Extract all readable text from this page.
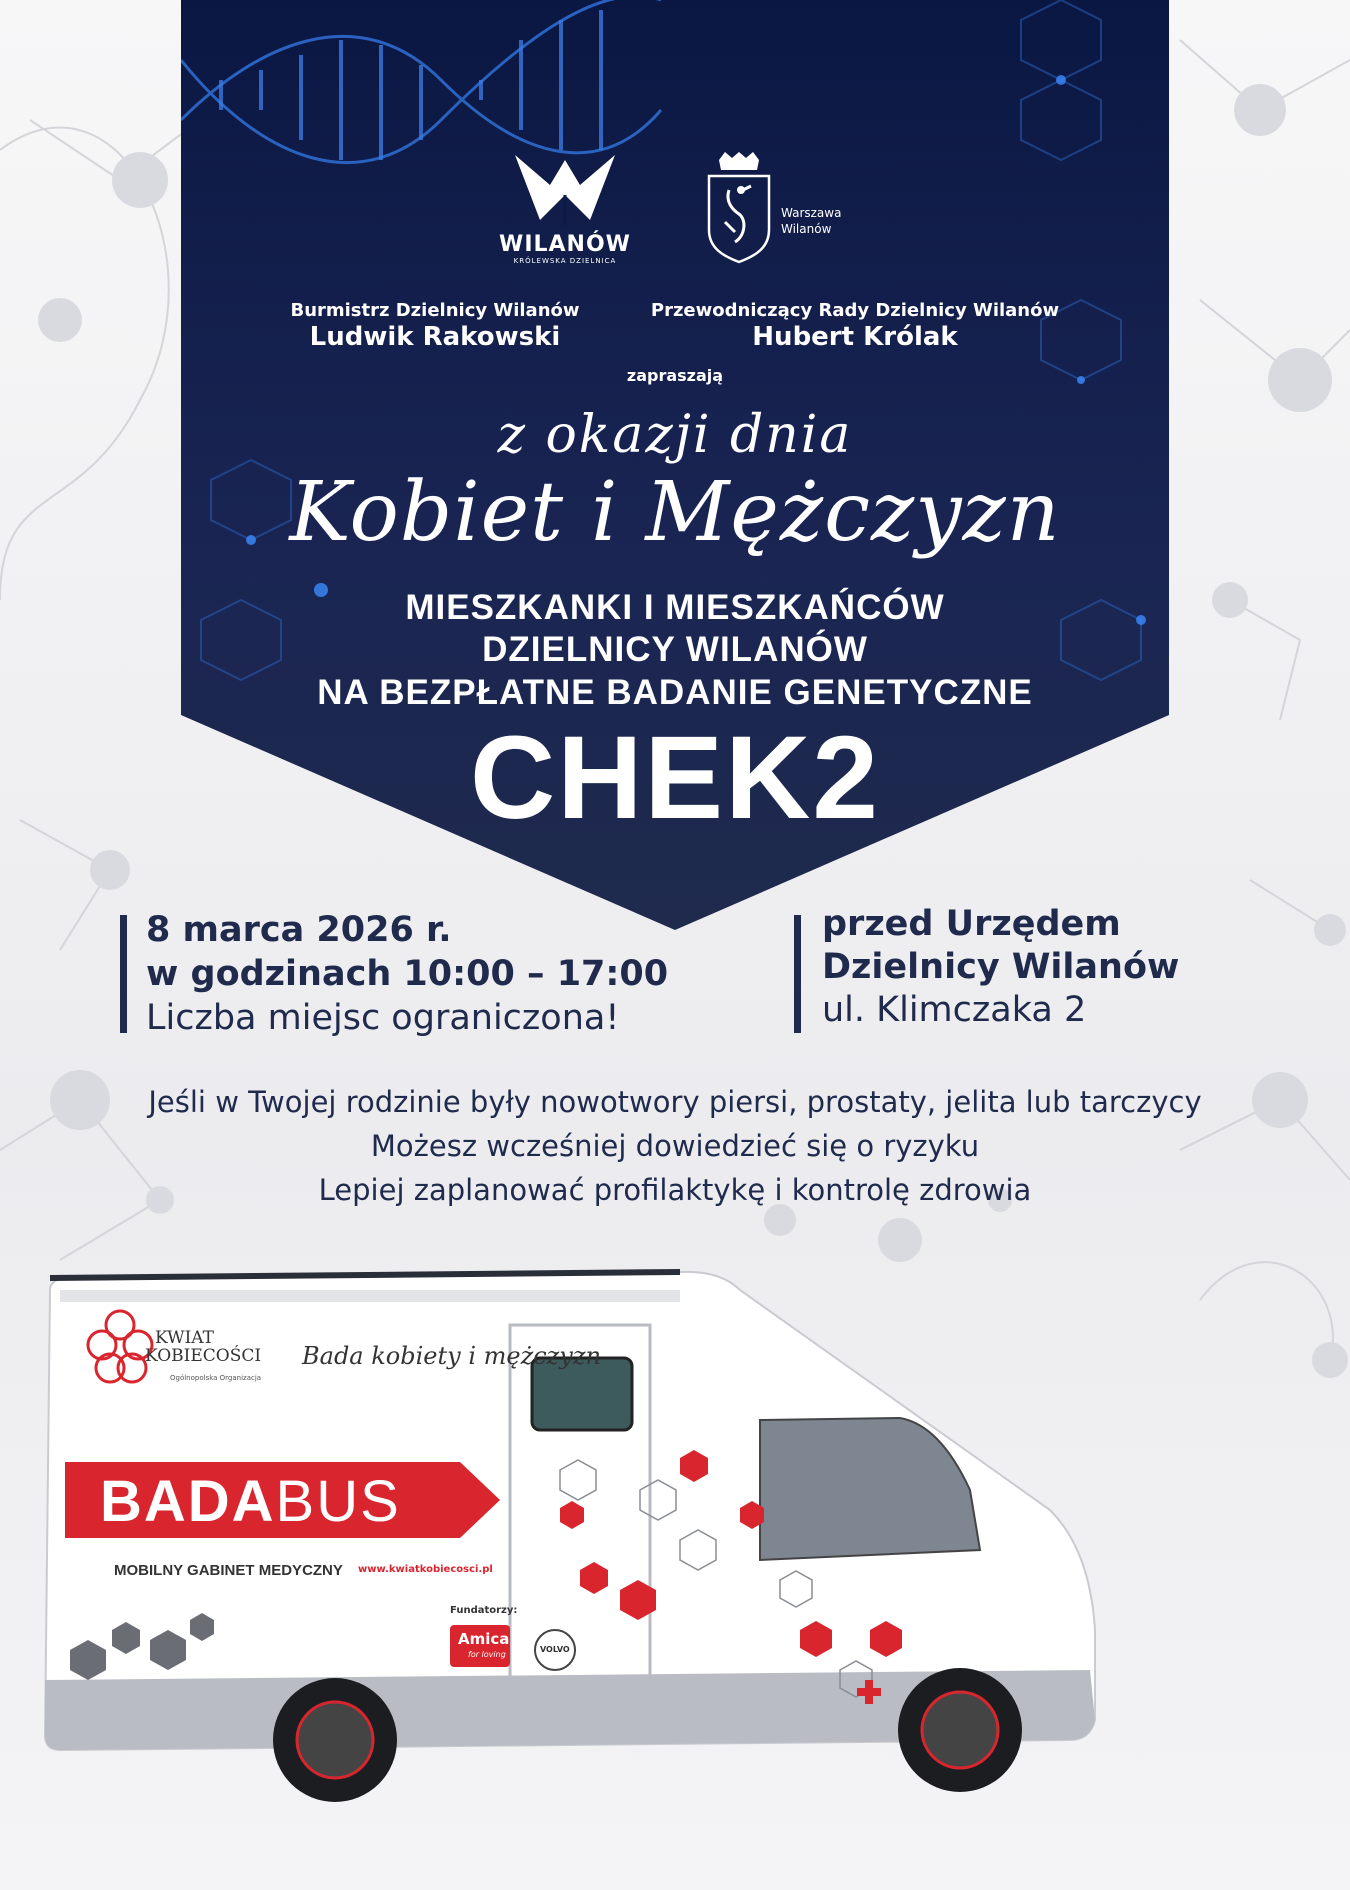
WILANÓW
KRÓLEWSKA DZIELNICA
Warszawa
Wilanów
Burmistrz Dzielnicy Wilanów
Ludwik Rakowski
Przewodniczący Rady Dzielnicy Wilanów
Hubert Królak
zapraszają
z okazji dnia
Kobiet i Mężczyzn
MIESZKANKI I MIESZKAŃCÓW
DZIELNICY WILANÓW
NA BEZPŁATNE BADANIE GENETYCZNE
CHEK2
8 marca 2026 r.
w godzinach 10:00 – 17:00
Liczba miejsc ograniczona!
przed Urzędem
Dzielnicy Wilanów
ul. Klimczaka 2
Jeśli w Twojej rodzinie były nowotwory piersi, prostaty, jelita lub tarczycy
Możesz wcześniej dowiedzieć się o ryzyku
Lepiej zaplanować profilaktykę i kontrolę zdrowia
KWIAT
KOBIECOŚCI
Ogólnopolska Organizacja
Bada kobiety i mężczyzn
BADABUS
MOBILNY GABINET MEDYCZNY www.kwiatkobiecosci.pl
Fundatorzy:
Amica
for loving
VOLVO
